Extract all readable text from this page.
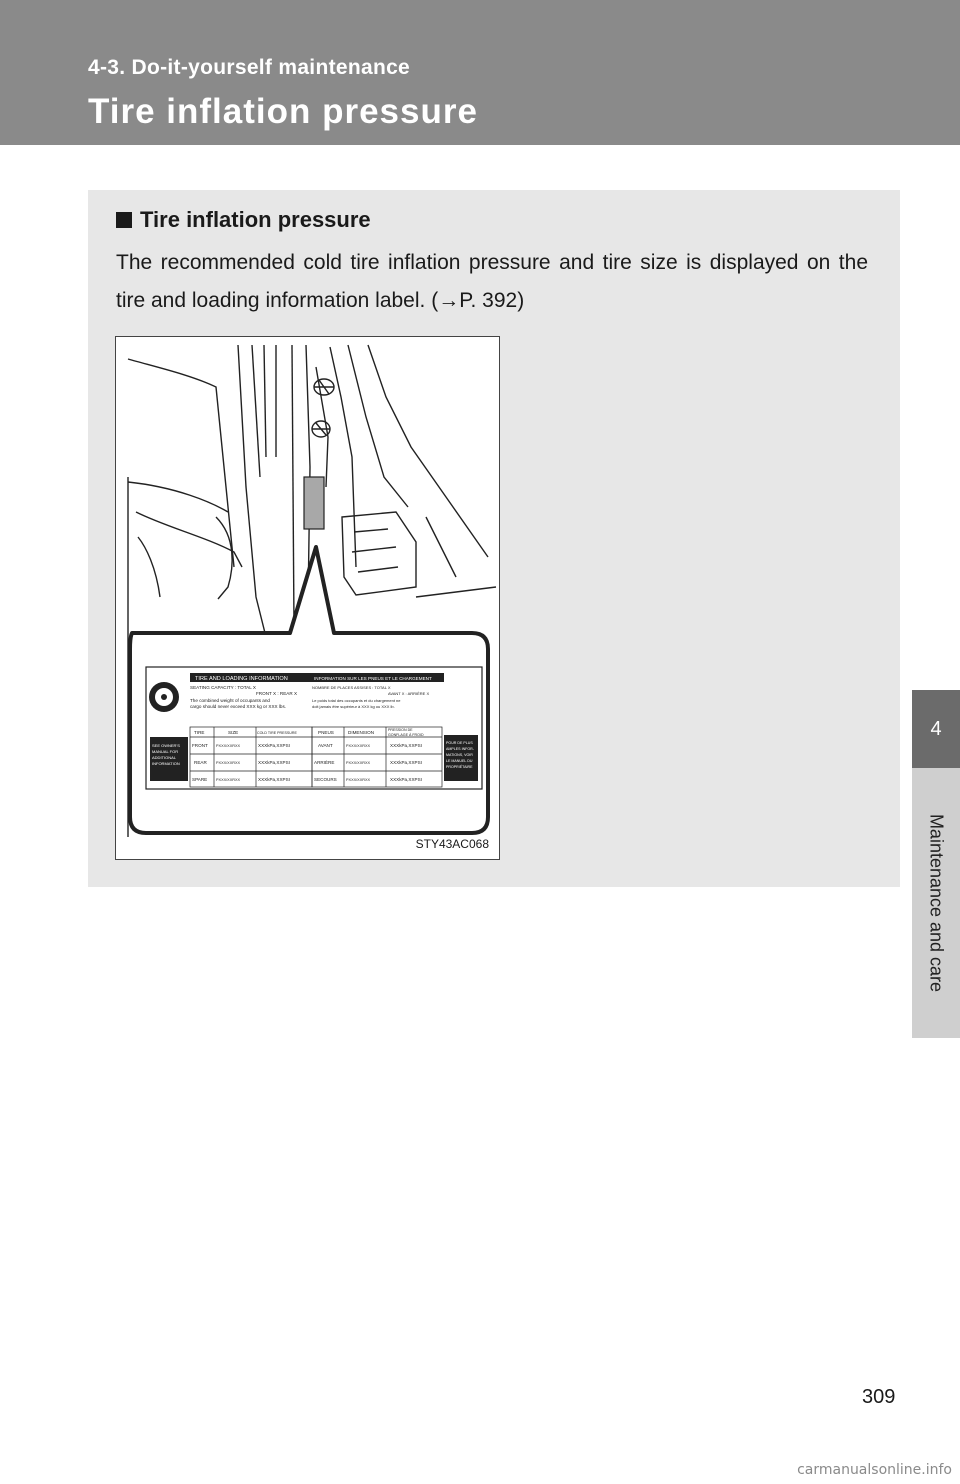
4-3. Do-it-yourself maintenance
Tire inflation pressure
4
Maintenance and care
Tire inflation pressure
The recommended cold tire inflation pressure and tire size is displayed on the tire and loading information label. (→P. 392)
TIRE AND LOADING INFORMATION	INFORMATION SUR LES PNEUS ET LE CHARGEMENT
SEATING CAPACITY : TOTAL X
FRONT X : REAR X
The combined weight of occupants and
cargo should never exceed XXX kg or XXX lbs.
NOMBRE DE PLACES ASSISES : TOTAL X
AVANT X : ARRIÈRE X
Le poids total des occupants et du chargement ne
doit jamais être supérieur à XXX kg ou XXX lb.
SEE OWNER'S
MANUAL FOR
ADDITIONAL
INFORMATION
POUR DE PLUS
AMPLES INFOR-
MATIONS, VOIR
LE MANUEL DU
PROPRIÉTAIRE
TIRE	SIZE	COLD TIRE PRESSURE
FRONT PXXX/XXRXX	XXXkPa,XXPSI
REAR PXXX/XXRXX	XXXkPa,XXPSI
SPARE PXXX/XXRXX	XXXkPa,XXPSI
PNEUS	DIMENSION	PRESSION DE
GONFLAGE À FROID
AVANT	PXXX/XXRXX	XXXkPa,XXPSI
ARRIÈRE	PXXX/XXRXX	XXXkPa,XXPSI
SECOURS PXXX/XXRXX	XXXkPa,XXPSI
STY43AC068
309
carmanualsonline.info
